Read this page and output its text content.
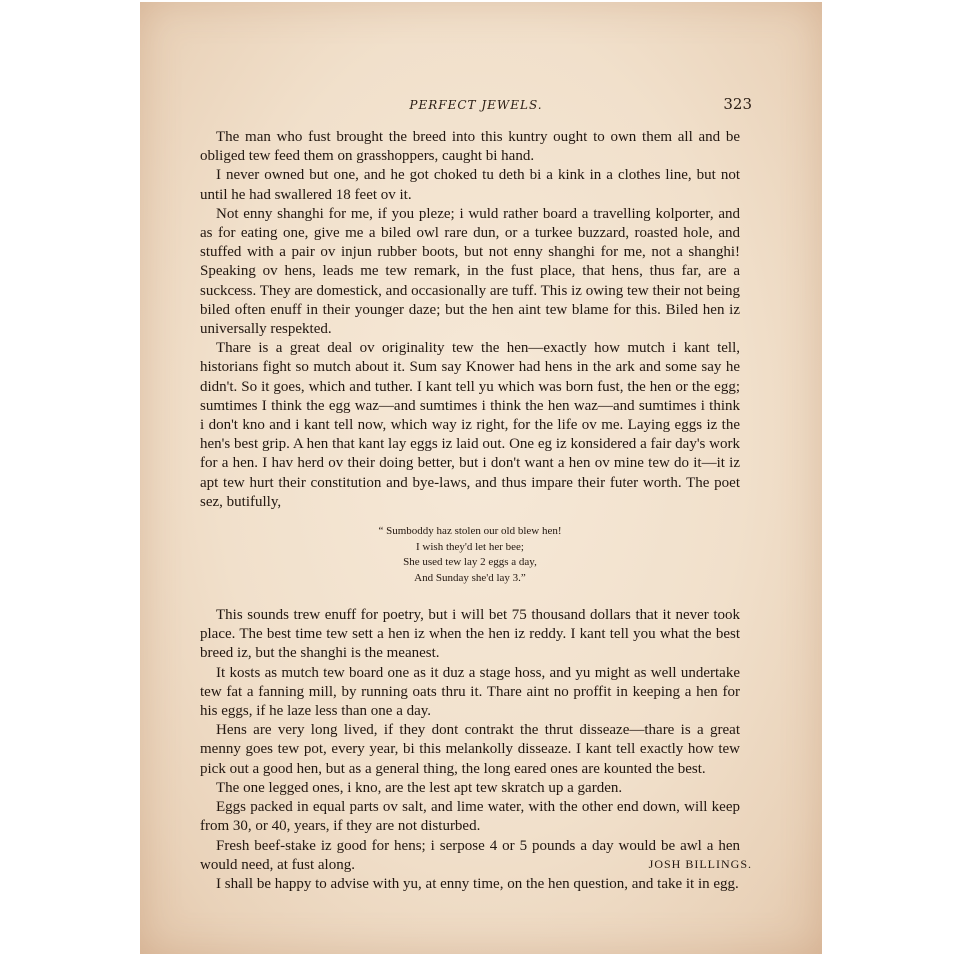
PERFECT JEWELS.	323

The man who fust brought the breed into this kuntry ought to own them all and be obliged tew feed them on grasshoppers, caught bi hand.

I never owned but one, and he got choked tu deth bi a kink in a clothes line, but not until he had swallered 18 feet ov it.

Not enny shanghi for me, if you pleze; i wuld rather board a travelling kolporter, and as for eating one, give me a biled owl rare dun, or a turkee buzzard, roasted hole, and stuffed with a pair ov injun rubber boots, but not enny shanghi for me, not a shanghi! Speaking ov hens, leads me tew remark, in the fust place, that hens, thus far, are a suckcess. They are domestick, and occasionally are tuff. This iz owing tew their not being biled often enuff in their younger daze; but the hen aint tew blame for this. Biled hen iz universally respekted.

Thare is a great deal ov originality tew the hen—exactly how mutch i kant tell, historians fight so mutch about it. Sum say Knower had hens in the ark and some say he didn't. So it goes, which and tuther. I kant tell yu which was born fust, the hen or the egg; sumtimes I think the egg waz—and sumtimes i think the hen waz—and sumtimes i think i don't kno and i kant tell now, which way iz right, for the life ov me. Laying eggs iz the hen's best grip. A hen that kant lay eggs iz laid out. One eg iz konsidered a fair day's work for a hen. I hav herd ov their doing better, but i don't want a hen ov mine tew do it—it iz apt tew hurt their constitution and bye-laws, and thus impare their futer worth. The poet sez, butifully,

“ Sumboddy haz stolen our old blew hen!
I wish they'd let her bee;
She used tew lay 2 eggs a day,
And Sunday she'd lay 3.”

This sounds trew enuff for poetry, but i will bet 75 thousand dollars that it never took place. The best time tew sett a hen iz when the hen iz reddy. I kant tell you what the best breed iz, but the shanghi is the meanest.

It kosts as mutch tew board one as it duz a stage hoss, and yu might as well undertake tew fat a fanning mill, by running oats thru it. Thare aint no proffit in keeping a hen for his eggs, if he laze less than one a day.

Hens are very long lived, if they dont contrakt the thrut disseaze—thare is a great menny goes tew pot, every year, bi this melankolly disseaze. I kant tell exactly how tew pick out a good hen, but as a general thing, the long eared ones are kounted the best.

The one legged ones, i kno, are the lest apt tew skratch up a garden.

Eggs packed in equal parts ov salt, and lime water, with the other end down, will keep from 30, or 40, years, if they are not disturbed.

Fresh beef-stake iz good for hens; i serpose 4 or 5 pounds a day would be awl a hen would need, at fust along.

I shall be happy to advise with yu, at enny time, on the hen question, and take it in egg.

JOSH BILLINGS.
